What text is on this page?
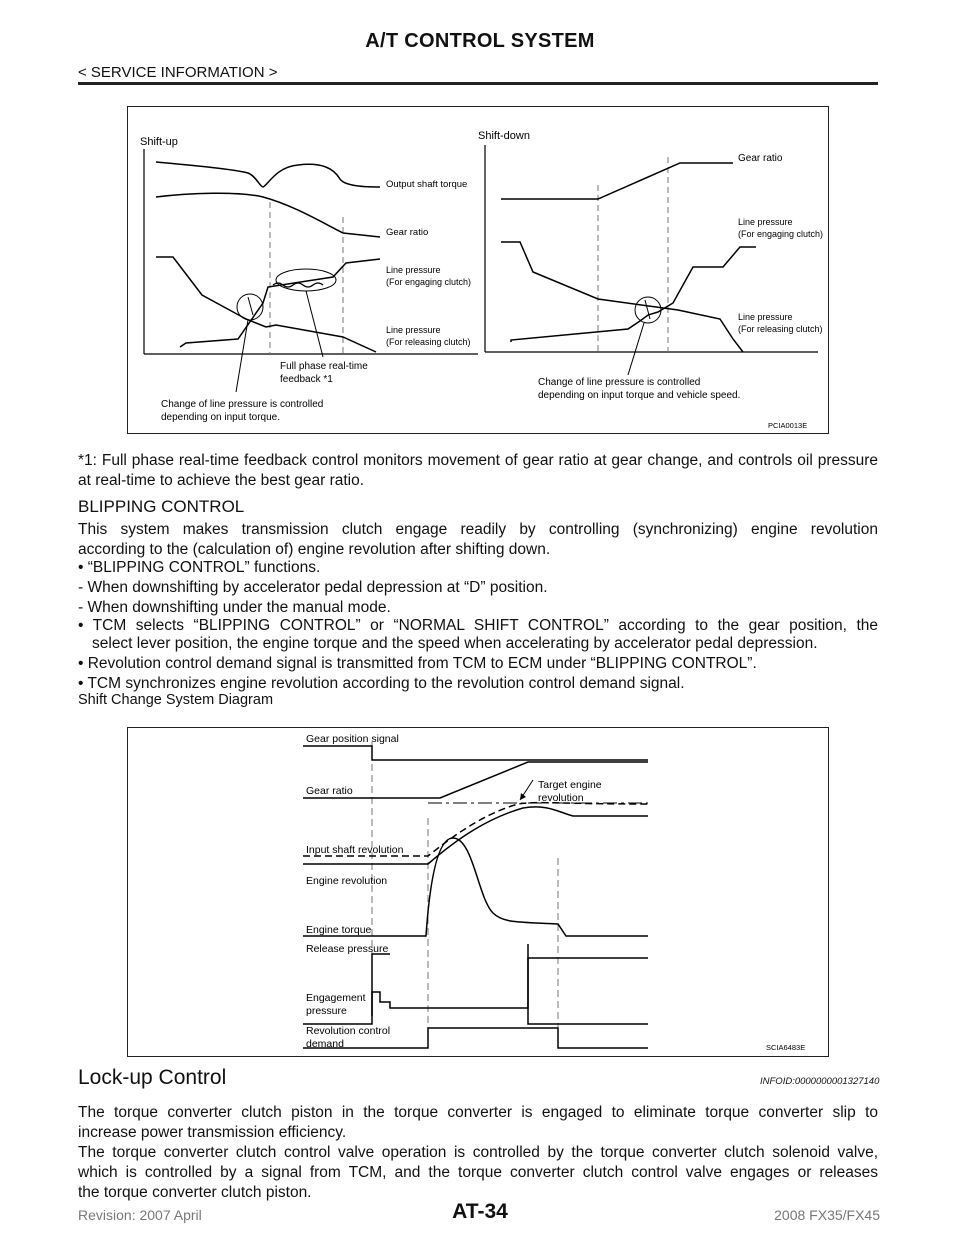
A/T CONTROL SYSTEM
< SERVICE INFORMATION >
Shift-up
Output shaft torque
Gear ratio
Line pressure
(For engaging clutch)
Line pressure
(For releasing clutch)
Full phase real-time
feedback *1
Change of line pressure is controlled
depending on input torque.
Shift-down
Gear ratio
Line pressure
(For engaging clutch)
Line pressure
(For releasing clutch)
Change of line pressure is controlled
depending on input torque and vehicle speed.
PCIA0013E
*1: Full phase real-time feedback control monitors movement of gear ratio at gear change, and controls oil pressure at real-time to achieve the best gear ratio.
BLIPPING CONTROL
This system makes transmission clutch engage readily by controlling (synchronizing) engine revolution
according to the (calculation of) engine revolution after shifting down.
• “BLIPPING CONTROL” functions.
- When downshifting by accelerator pedal depression at “D” position.
- When downshifting under the manual mode.
• TCM selects “BLIPPING CONTROL” or “NORMAL SHIFT CONTROL” according to the gear position, the
select lever position, the engine torque and the speed when accelerating by accelerator pedal depression.
• Revolution control demand signal is transmitted from TCM to ECM under “BLIPPING CONTROL”.
• TCM synchronizes engine revolution according to the revolution control demand signal.
Shift Change System Diagram
Gear position signal
Gear ratio
Input shaft revolution
Engine revolution
Engine torque
Release pressure
Engagement
pressure
Revolution control
demand
Target engine
revolution
SCIA6483E
Lock-up Control	INFOID:0000000001327140
The torque converter clutch piston in the torque converter is engaged to eliminate torque converter slip to
increase power transmission efficiency.
The torque converter clutch control valve operation is controlled by the torque converter clutch solenoid valve,
which is controlled by a signal from TCM, and the torque converter clutch control valve engages or releases
the torque converter clutch piston.
Revision: 2007 April	AT-34	2008 FX35/FX45
